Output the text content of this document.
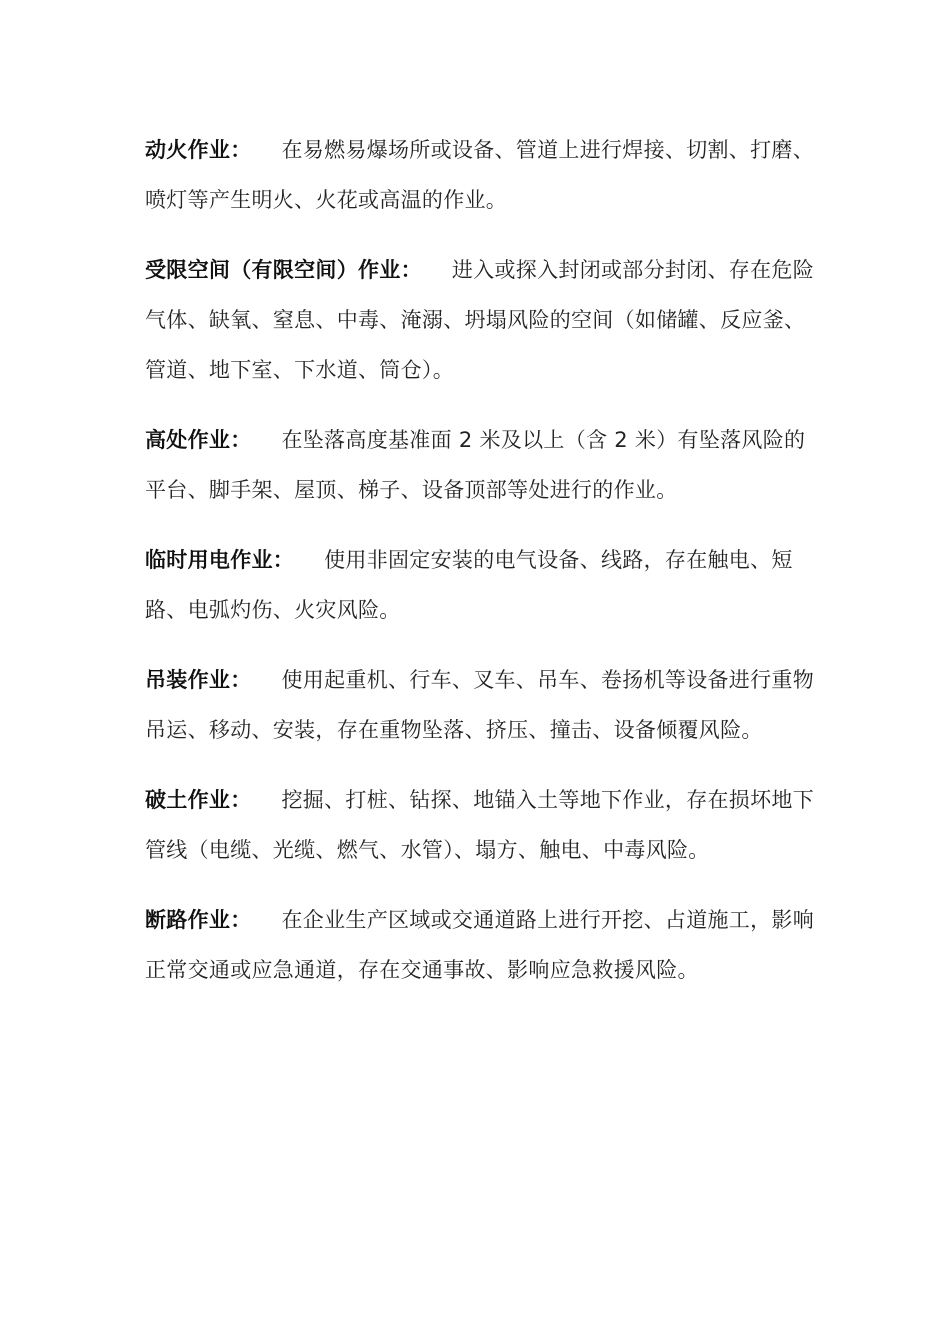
动火作业： 在易燃易爆场所或设备、管道上进行焊接、切割、打磨、喷灯等产生明火、火花或高温的作业。

受限空间（有限空间）作业： 进入或探入封闭或部分封闭、存在危险气体、缺氧、窒息、中毒、淹溺、坍塌风险的空间（如储罐、反应釜、管道、地下室、下水道、筒仓）。

高处作业： 在坠落高度基准面 2 米及以上（含 2 米）有坠落风险的平台、脚手架、屋顶、梯子、设备顶部等处进行的作业。

临时用电作业： 使用非固定安装的电气设备、线路，存在触电、短路、电弧灼伤、火灾风险。

吊装作业： 使用起重机、行车、叉车、吊车、卷扬机等设备进行重物吊运、移动、安装，存在重物坠落、挤压、撞击、设备倾覆风险。

破土作业： 挖掘、打桩、钻探、地锚入土等地下作业，存在损坏地下管线（电缆、光缆、燃气、水管）、塌方、触电、中毒风险。

断路作业： 在企业生产区域或交通道路上进行开挖、占道施工，影响正常交通或应急通道，存在交通事故、影响应急救援风险。
